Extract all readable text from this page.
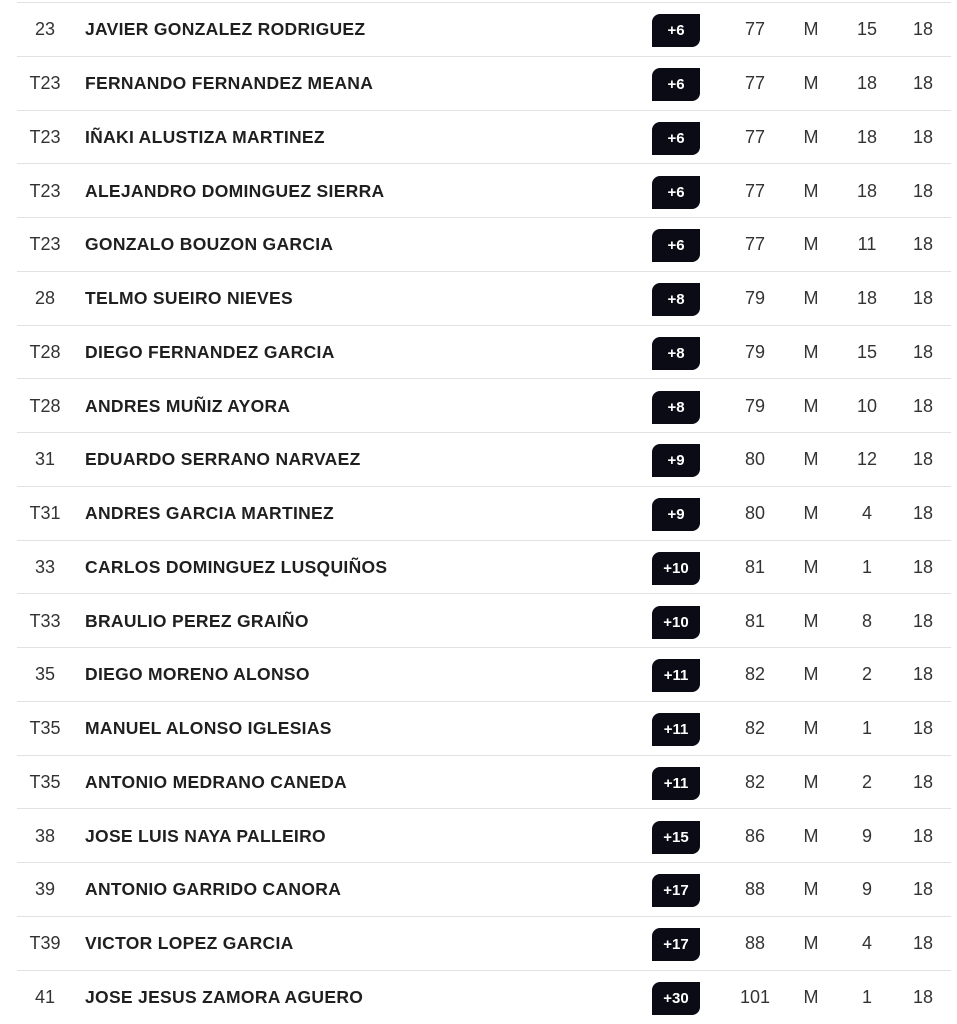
23	JAVIER GONZALEZ RODRIGUEZ	+6	77	M	15	18
T23	FERNANDO FERNANDEZ MEANA	+6	77	M	18	18
T23	IÑAKI ALUSTIZA MARTINEZ	+6	77	M	18	18
T23	ALEJANDRO DOMINGUEZ SIERRA	+6	77	M	18	18
T23	GONZALO BOUZON GARCIA	+6	77	M	11	18
28	TELMO SUEIRO NIEVES	+8	79	M	18	18
T28	DIEGO FERNANDEZ GARCIA	+8	79	M	15	18
T28	ANDRES MUÑIZ AYORA	+8	79	M	10	18
31	EDUARDO SERRANO NARVAEZ	+9	80	M	12	18
T31	ANDRES GARCIA MARTINEZ	+9	80	M	4	18
33	CARLOS DOMINGUEZ LUSQUIÑOS	+10	81	M	1	18
T33	BRAULIO PEREZ GRAIÑO	+10	81	M	8	18
35	DIEGO MORENO ALONSO	+11	82	M	2	18
T35	MANUEL ALONSO IGLESIAS	+11	82	M	1	18
T35	ANTONIO MEDRANO CANEDA	+11	82	M	2	18
38	JOSE LUIS NAYA PALLEIRO	+15	86	M	9	18
39	ANTONIO GARRIDO CANORA	+17	88	M	9	18
T39	VICTOR LOPEZ GARCIA	+17	88	M	4	18
41	JOSE JESUS ZAMORA AGUERO	+30	101	M	1	18
